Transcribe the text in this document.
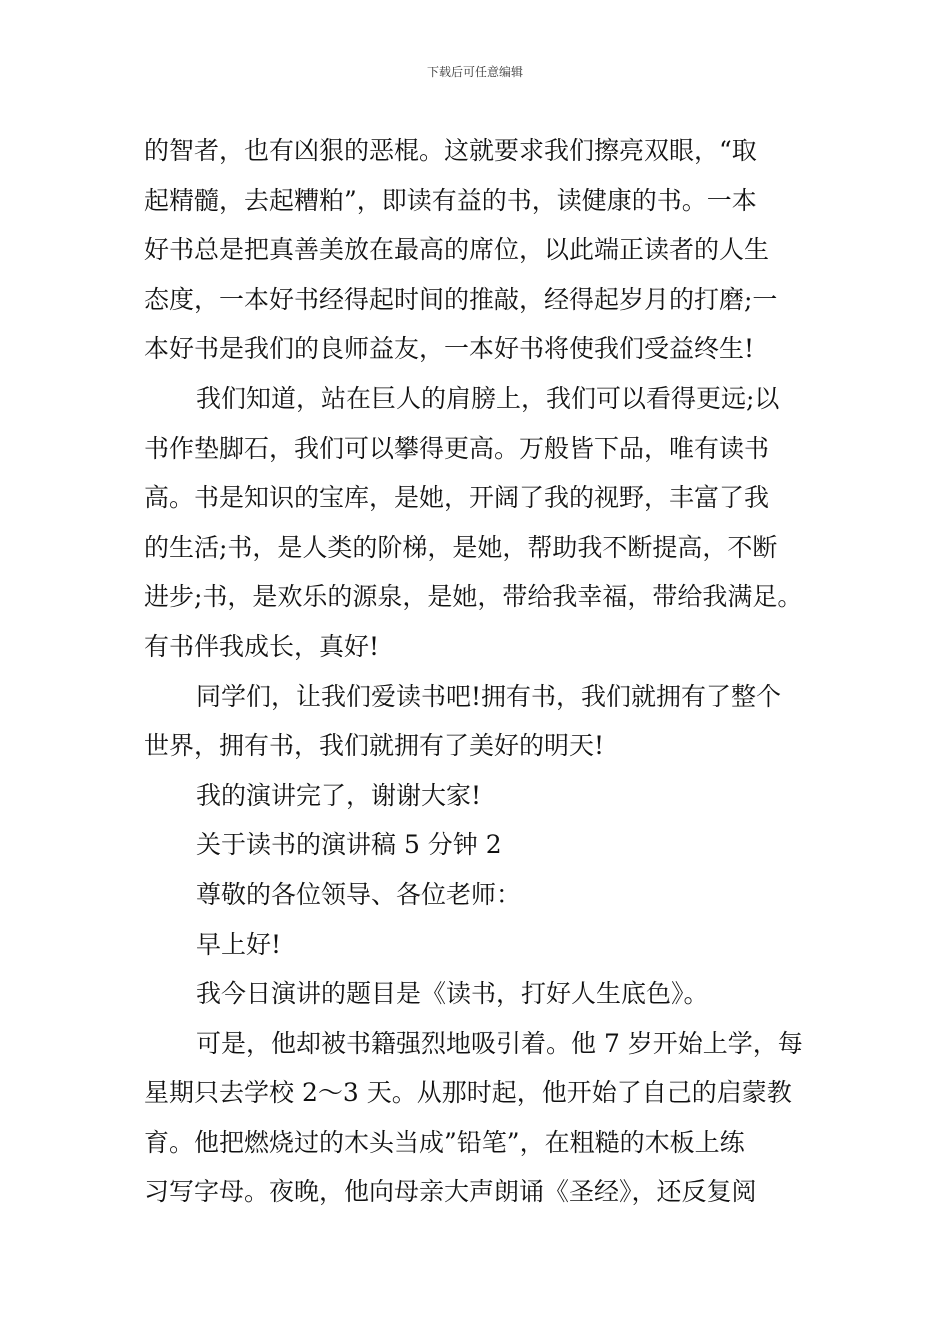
下载后可任意编辑
的智者，也有凶狠的恶棍。这就要求我们擦亮双眼，“取
起精髓，去起糟粕”，即读有益的书，读健康的书。一本
好书总是把真善美放在最高的席位，以此端正读者的人生
态度，一本好书经得起时间的推敲，经得起岁月的打磨;一
本好书是我们的良师益友，一本好书将使我们受益终生!
我们知道，站在巨人的肩膀上，我们可以看得更远;以
书作垫脚石，我们可以攀得更高。万般皆下品，唯有读书
高。书是知识的宝库，是她，开阔了我的视野，丰富了我
的生活;书，是人类的阶梯，是她，帮助我不断提高，不断
进步;书，是欢乐的源泉，是她，带给我幸福，带给我满足。
有书伴我成长，真好!
同学们，让我们爱读书吧!拥有书，我们就拥有了整个
世界，拥有书，我们就拥有了美好的明天!
我的演讲完了，谢谢大家!
关于读书的演讲稿 5 分钟 2
尊敬的各位领导、各位老师：
早上好!
我今日演讲的题目是《读书，打好人生底色》。
可是，他却被书籍强烈地吸引着。他 7 岁开始上学，每
星期只去学校 2～3 天。从那时起，他开始了自己的启蒙教
育。他把燃烧过的木头当成”铅笔”，在粗糙的木板上练
习写字母。夜晚，他向母亲大声朗诵《圣经》，还反复阅
